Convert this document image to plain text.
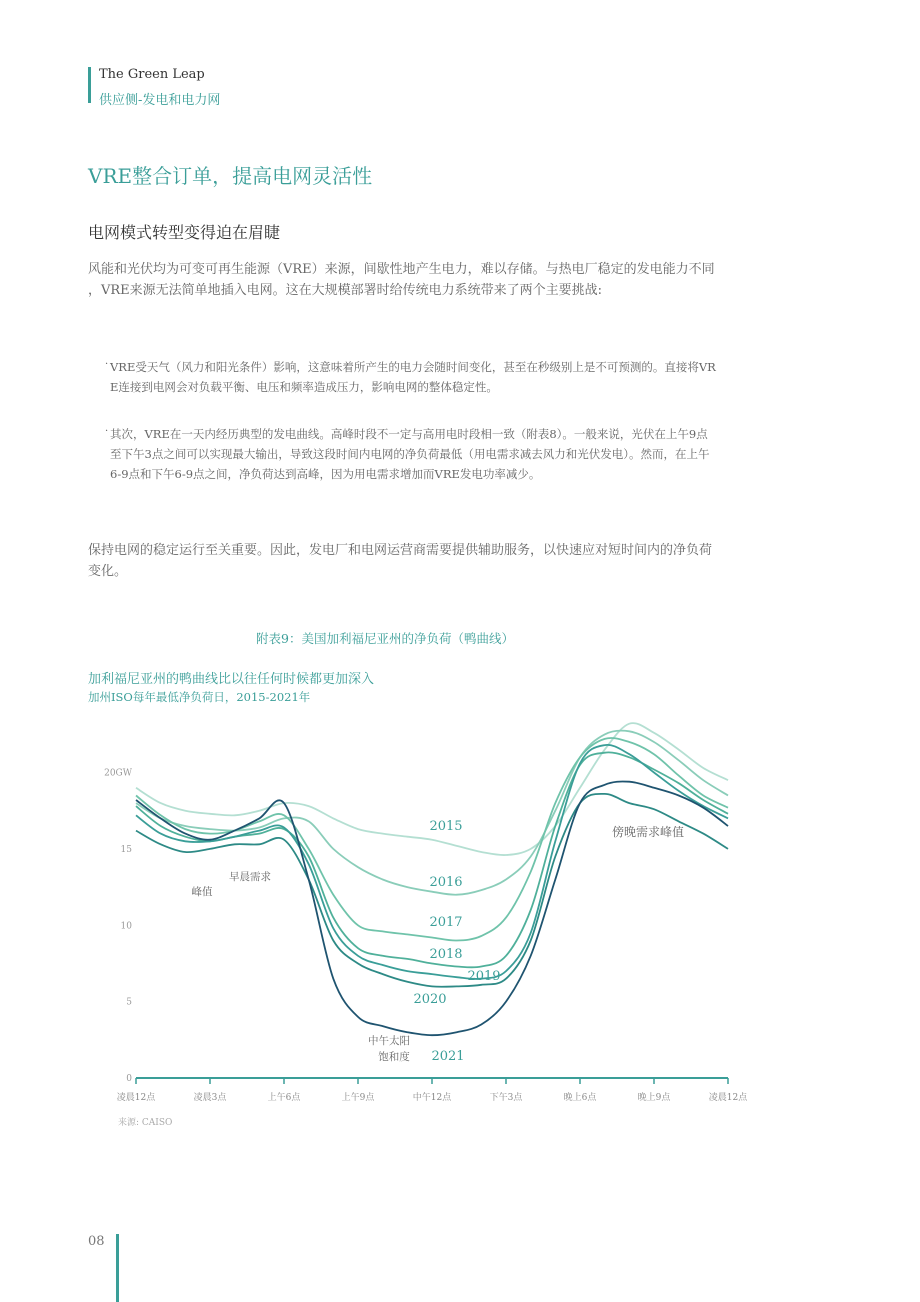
The Green Leap
供应侧-发电和电力网
VRE整合订单，提高电网灵活性
电网模式转型变得迫在眉睫
风能和光伏均为可变可再生能源（VRE）来源，间歇性地产生电力，难以存储。与热电厂稳定的发电能力不同
，VRE来源无法简单地插入电网。这在大规模部署时给传统电力系统带来了两个主要挑战:
· VRE受天气（风力和阳光条件）影响，这意味着所产生的电力会随时间变化，甚至在秒级别上是不可预测的。直接将VR
E连接到电网会对负载平衡、电压和频率造成压力，影响电网的整体稳定性。
· 其次，VRE在一天内经历典型的发电曲线。高峰时段不一定与高用电时段相一致（附表8）。一般来说，光伏在上午9点
至下午3点之间可以实现最大输出，导致这段时间内电网的净负荷最低（用电需求减去风力和光伏发电）。然而，在上午
6-9点和下午6-9点之间，净负荷达到高峰，因为用电需求增加而VRE发电功率减少。
保持电网的稳定运行至关重要。因此，发电厂和电网运营商需要提供辅助服务，以快速应对短时间内的净负荷
变化。
附表9：美国加利福尼亚州的净负荷（鸭曲线）
加利福尼亚州的鸭曲线比以往任何时候都更加深入
加州ISO每年最低净负荷日，2015-2021年
0
5
10
15
20GW
凌晨12点	凌晨3点	上午6点	上午9点	中午12点	下午3点	晚上6点	晚上9点	凌晨12点
2015
2016
2017
2018
2019
2020
2021
早晨需求
峰值
傍晚需求峰值
中午太阳
饱和度
来源: CAISO
08
